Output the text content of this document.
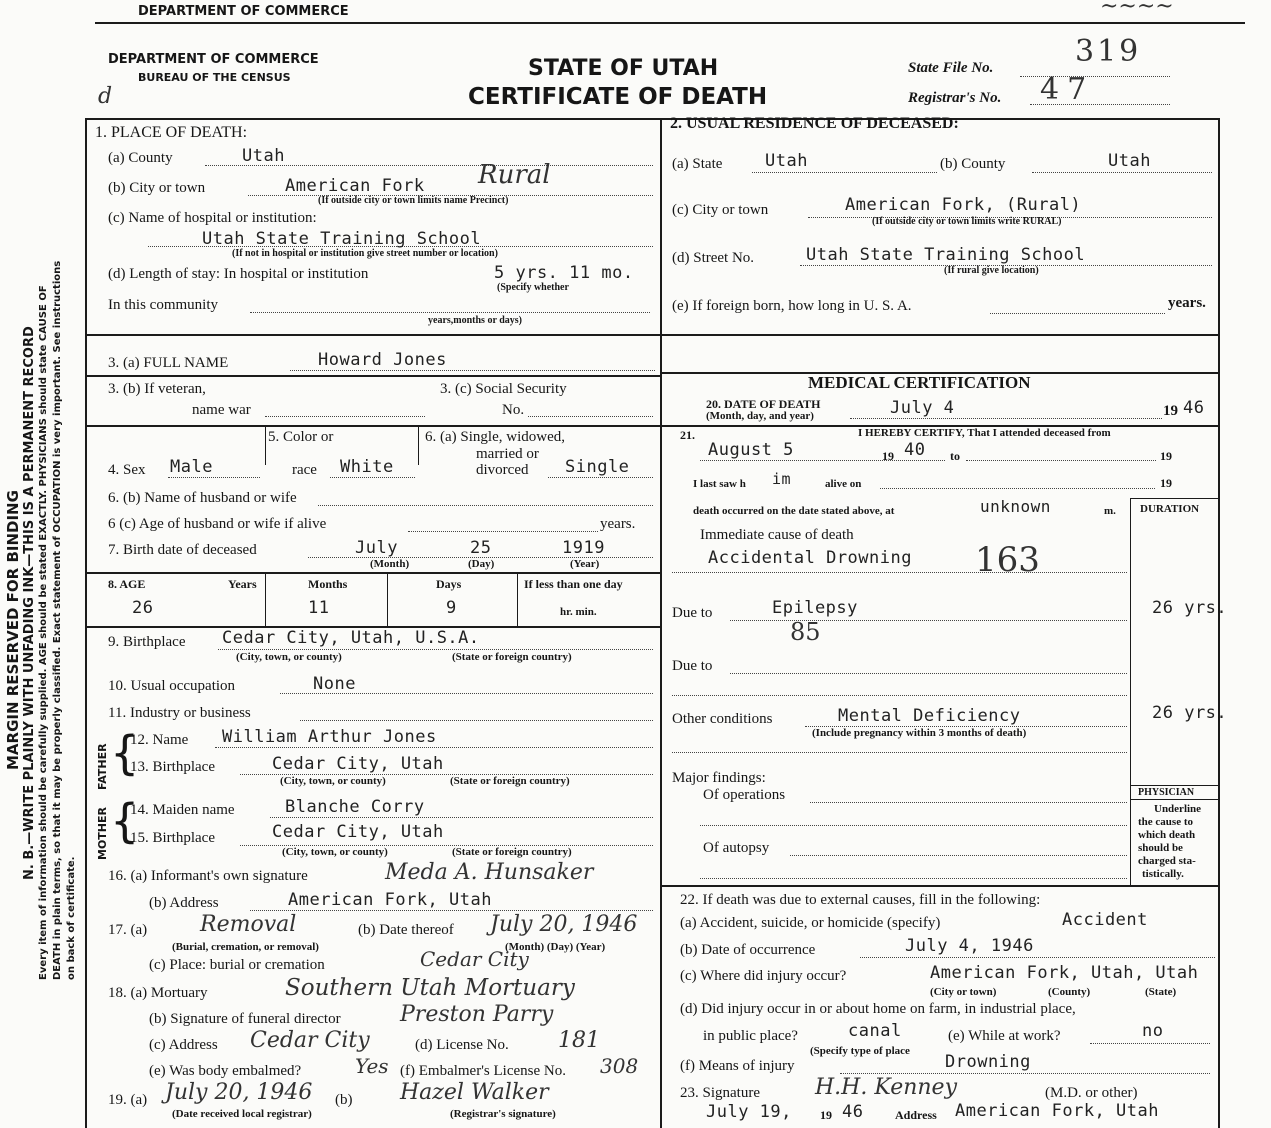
DEPARTMENT OF COMMERCE	~~~~
MARGIN RESERVED FOR BINDING N. B.—WRITE PLAINLY WITH UNFADING INK—THIS IS A PERMANENT RECORD Every item of information should be carefully supplied. AGE should be stated EXACTLY. PHYSICIANS should state CAUSE OF DEATH in plain terms, so that it may be properly classified. Exact statement of OCCUPATION is very important. See instructions on back of certificate.
DEPARTMENT OF COMMERCE
BUREAU OF THE CENSUS
d
STATE OF UTAH
CERTIFICATE OF DEATH
State File No.	319
Registrar's No. 47
1. PLACE OF DEATH:
(a) County	Utah
(b) City or town	American Fork Rural
(If outside city or town limits name Precinct)
(c) Name of hospital or institution:
Utah State Training School
(If not in hospital or institution give street number or location)
(d) Length of stay: In hospital or institution	5 yrs. 11 mo.
(Specify whether
In this community
years,months or days)
2. USUAL RESIDENCE OF DECEASED:
(a) State	Utah	(b) County	Utah
(c) City or town	American Fork, (Rural)
(If outside city or town limits write RURAL)
(d) Street No.	Utah State Training School
(If rural give location)
(e) If foreign born, how long in U. S. A.	years.
3. (a) FULL NAME	Howard Jones
3. (b) If veteran,
name war
3. (c) Social Security
No.
5. Color or	6. (a) Single, widowed,
married or
divorced
4. Sex Male	race White	Single
6. (b) Name of husband or wife
6 (c) Age of husband or wife if alive	years.
7. Birth date of deceased	July	25	1919
(Month)	(Day)	(Year)
8. AGE	Years	Months	Days	If less than one day
26	11	9	hr. min.
9. Birthplace Cedar City, Utah, U.S.A.
(City, town, or county)	(State or foreign country)
10. Usual occupation	None
11. Industry or business
FATHER {
12. Name William Arthur Jones
13. Birthplace	Cedar City, Utah
(City, town, or county)	(State or foreign country)
MOTHER {
14. Maiden name	Blanche Corry
15. Birthplace	Cedar City, Utah
(City, town, or county)	(State or foreign country)
16. (a) Informant's own signature	Meda A. Hunsaker
(b) Address	American Fork, Utah
17. (a) Removal	(b) Date thereof July 20, 1946
(Burial, cremation, or removal)	(Month) (Day) (Year)
(c) Place: burial or cremation	Cedar City
18. (a) Mortuary	Southern Utah Mortuary
(b) Signature of funeral director	Preston Parry
(c) Address Cedar City	(d) License No. 181
(e) Was body embalmed?	Yes (f) Embalmer's License No. 308
19. (a) July 20, 1946 (b) Hazel Walker
(Date received local registrar)	(Registrar's signature)
MEDICAL CERTIFICATION
20. DATE OF DEATH
(Month, day, and year)	July 4	19 46
21.	I HEREBY CERTIFY, That I attended deceased from
August 5	19 40 to	19
I last saw h im	alive on	19
death occurred on the date stated above, at	unknown	m. DURATION
Immediate cause of death
Accidental Drowning 163
Due to	Epilepsy	26 yrs.
85
Due to
Other conditions	Mental Deficiency	26 yrs.
(Include pregnancy within 3 months of death)
Major findings:
Of operations
Of autopsy
PHYSICIAN
Underline
the cause to
which death
should be
charged sta-
tistically.
22. If death was due to external causes, fill in the following:
(a) Accident, suicide, or homicide (specify)	Accident
(b) Date of occurrence	July 4, 1946
(c) Where did injury occur?	American Fork, Utah, Utah
(City or town)	(County)	(State)
(d) Did injury occur in or about home on farm, in industrial place,
in public place?	canal
(Specify type of place
(e) While at work?	no
(f) Means of injury	Drowning
23. Signature	H.H. Kenney	(M.D. or other)
July 19, 19 46	Address American Fork, Utah
